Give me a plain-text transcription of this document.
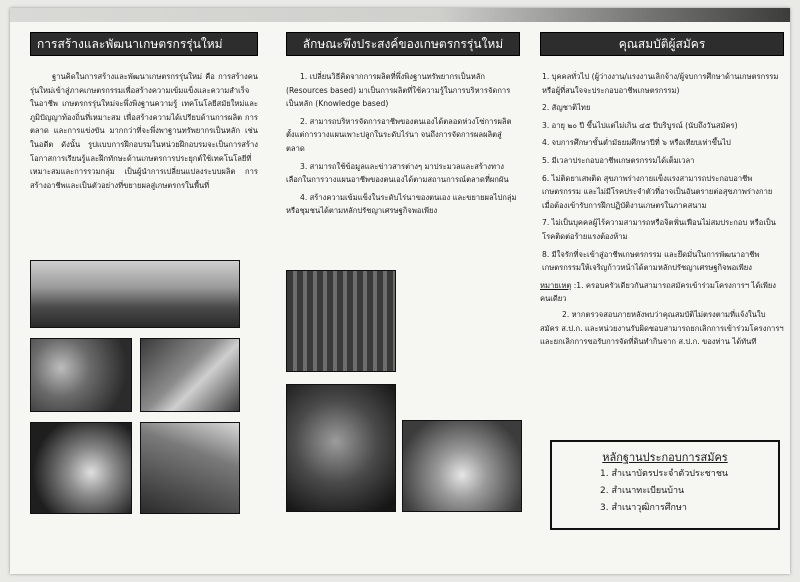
การสร้างและพัฒนาเกษตรกรรุ่นใหม่
ฐานคิดในการสร้างและพัฒนาเกษตรกรรุ่นใหม่ คือ การสร้างคนรุ่นใหม่เข้าสู่ภาคเกษตรกรรมเพื่อสร้างความเข้มแข็งและความสำเร็จในอาชีพ เกษตรกรรุ่นใหม่จะพึ่งพิงฐานความรู้ เทคโนโลยีสมัยใหม่และภูมิปัญญาท้องถิ่นที่เหมาะสม เพื่อสร้างความได้เปรียบด้านการผลิต การตลาด และการแข่งขัน มากกว่าที่จะพึ่งพาฐานทรัพยากรเป็นหลัก เช่นในอดีต ดังนั้น รูปแบบการฝึกอบรมในหน่วยฝึกอบรมจะเป็นการสร้างโอกาสการเรียนรู้และฝึกทักษะด้านเกษตรการประยุกต์ใช้เทคโนโลยีที่เหมาะสมและการรวมกลุ่ม เป็นผู้นำการเปลี่ยนแปลงระบบผลิต การสร้างอาชีพและเป็นตัวอย่างที่ขยายผลสู่เกษตรกรในพื้นที่
ลักษณะพึงประสงค์ของเกษตรกรรุ่นใหม่
1. เปลี่ยนวิธีคิดจากการผลิตที่พึ่งพิงฐานทรัพยากรเป็นหลัก (Resources based) มาเป็นการผลิตที่ใช้ความรู้ในการบริหารจัดการเป็นหลัก (Knowledge based)
2. สามารถบริหารจัดการอาชีพของตนเองได้ตลอดห่วงโซ่การผลิต ตั้งแต่การวางแผนเพาะปลูกในระดับไร่นา จนถึงการจัดการผลผลิตสู่ตลาด
3. สามารถใช้ข้อมูลและข่าวสารต่างๆ มาประมวลและสร้างทางเลือกในการวางแผนอาชีพของตนเองได้ตามสถานการณ์ตลาดที่ผกผัน
4. สร้างความเข้มแข็งในระดับไร่นาของตนเอง และขยายผลไปกลุ่มหรือชุมชนได้ตามหลักปรัชญาเศรษฐกิจพอเพียง
คุณสมบัติผู้สมัคร
1. บุคคลทั่วไป (ผู้ว่างงาน/แรงงานเลิกจ้าง/ผู้จบการศึกษาด้านเกษตรกรรมหรือผู้ที่สนใจจะประกอบอาชีพเกษตรกรรม)
2. สัญชาติไทย
3. อายุ ๒๐ ปี ขึ้นไปแต่ไม่เกิน ๔๕ ปีบริบูรณ์ (นับถึงวันสมัคร)
4. จบการศึกษาขั้นต่ำมัธยมศึกษาปีที่ ๖ หรือเทียบเท่าขึ้นไป
5. มีเวลาประกอบอาชีพเกษตรกรรมได้เต็มเวลา
6. ไม่ติดยาเสพติด สุขภาพร่างกายแข็งแรงสามารถประกอบอาชีพเกษตรกรรม และไม่มีโรคประจำตัวที่อาจเป็นอันตรายต่อสุขภาพร่างกาย เมื่อต้องเข้ารับการฝึกปฏิบัติงานเกษตรในภาคสนาม
7. ไม่เป็นบุคคลผู้ไร้ความสามารถหรือจิตฟั่นเฟือนไม่สมประกอบ หรือเป็นโรคติดต่อร้ายแรงต้องห้าม
8. มีใจรักที่จะเข้าสู่อาชีพเกษตรกรรม และยึดมั่นในการพัฒนาอาชีพเกษตรกรรมให้เจริญก้าวหน้าได้ตามหลักปรัชญาเศรษฐกิจพอเพียง
หมายเหตุ :1. ครอบครัวเดียวกันสามารถสมัครเข้าร่วมโครงการฯ ได้เพียงคนเดียว
2. หากตรวจสอบภายหลังพบว่าคุณสมบัติไม่ตรงตามที่แจ้งในใบสมัคร ส.ป.ก. และหน่วยงานรับผิดชอบสามารถยกเลิกการเข้าร่วมโครงการฯ และยกเลิกการขอรับการจัดที่ดินทำกินจาก ส.ป.ก. ของท่าน ได้ทันที
หลักฐานประกอบการสมัคร
1. สำเนาบัตรประจำตัวประชาชน
2. สำเนาทะเบียนบ้าน
3. สำเนาวุฒิการศึกษา
